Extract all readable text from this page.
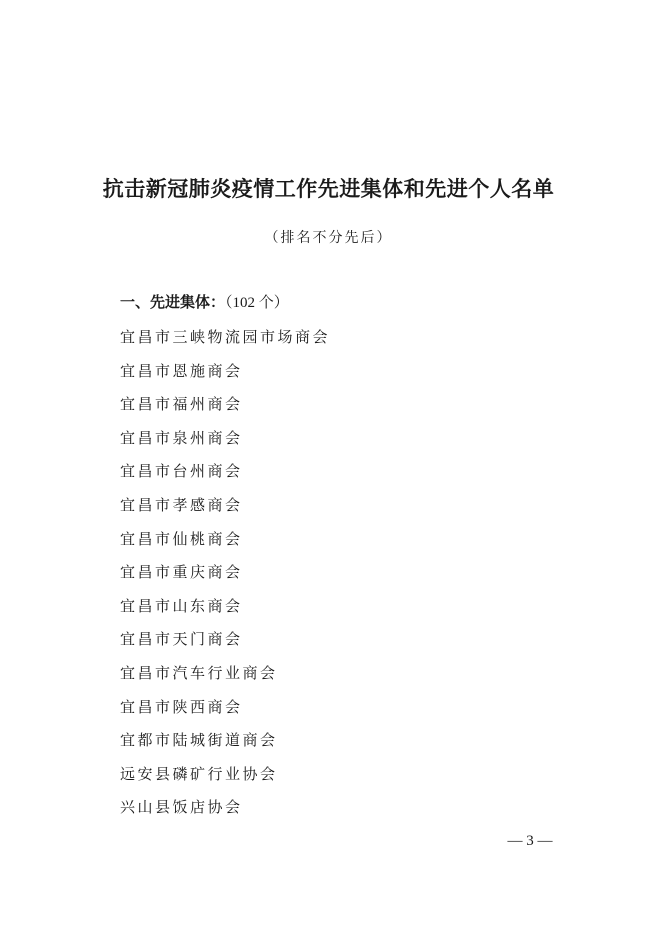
抗击新冠肺炎疫情工作先进集体和先进个人名单
（排名不分先后）
一、先进集体：（102 个）
宜昌市三峡物流园市场商会
宜昌市恩施商会
宜昌市福州商会
宜昌市泉州商会
宜昌市台州商会
宜昌市孝感商会
宜昌市仙桃商会
宜昌市重庆商会
宜昌市山东商会
宜昌市天门商会
宜昌市汽车行业商会
宜昌市陕西商会
宜都市陆城街道商会
远安县磷矿行业协会
兴山县饭店协会
— 3 —
